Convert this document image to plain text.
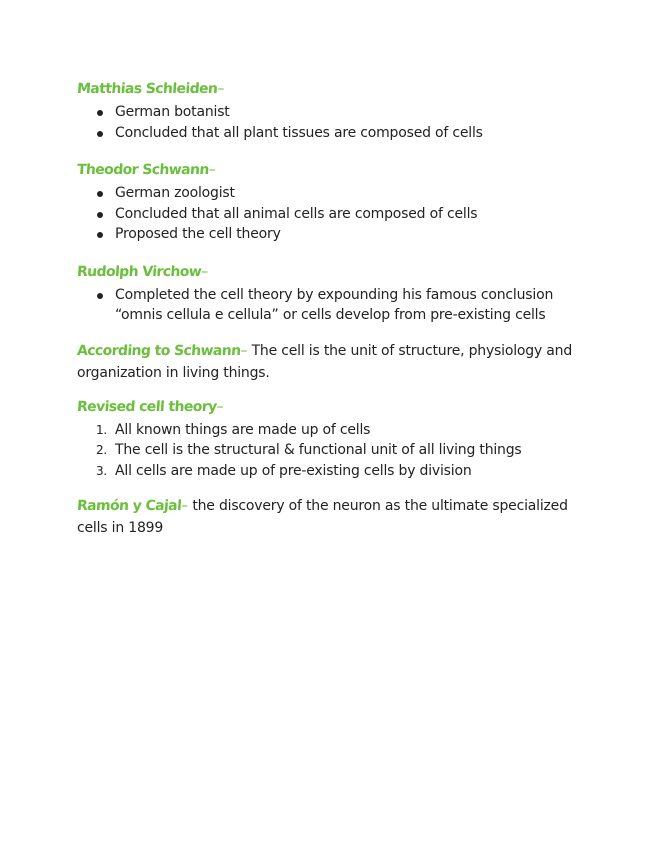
Matthias Schleiden–
German botanist
Concluded that all plant tissues are composed of cells
Theodor Schwann–
German zoologist
Concluded that all animal cells are composed of cells
Proposed the cell theory
Rudolph Virchow–
Completed the cell theory by expounding his famous conclusion “omnis cellula e cellula” or cells develop from pre-existing cells

According to Schwann– The cell is the unit of structure, physiology and organization in living things.

Revised cell theory–
1. All known things are made up of cells
2. The cell is the structural & functional unit of all living things
3. All cells are made up of pre-existing cells by division

Ramón y Cajal– the discovery of the neuron as the ultimate specialized cells in 1899
